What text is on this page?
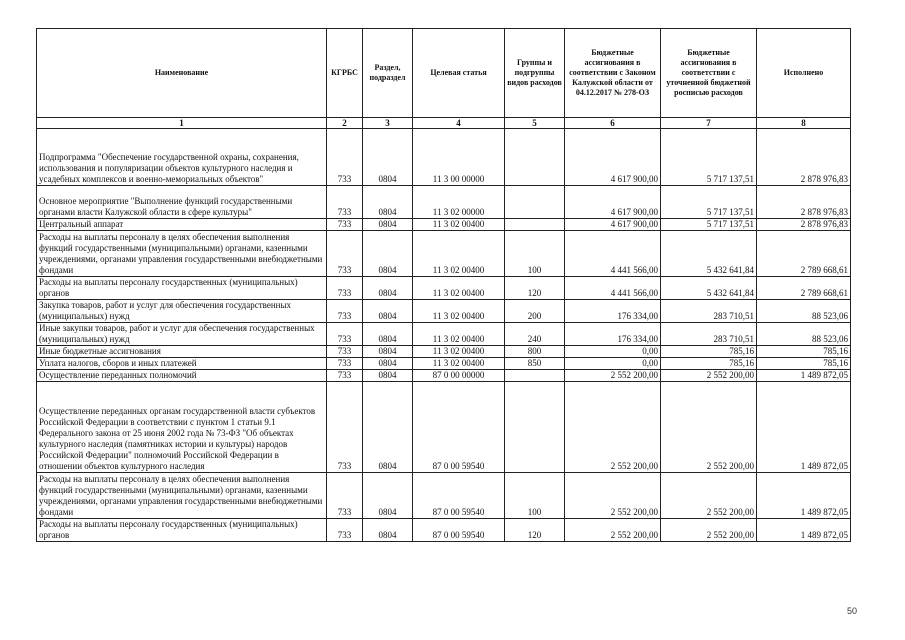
Наименование	КГРБС	Раздел, подраздел	Целевая статья	Группы и подгруппы видов расходов	Бюджетные ассигнования в соответствии с Законом Калужской области от 04.12.2017 № 278-ОЗ	Бюджетные ассигнования в соответствии с уточненной бюджетной росписью расходов	Исполнено
1	2	3	4	5	6	7	8
Подпрограмма "Обеспечение государственной охраны, сохранения, использования и популяризации объектов культурного наследия и усадебных комплексов и военно-мемориальных объектов"	733	0804	11 3 00 00000		4 617 900,00	5 717 137,51	2 878 976,83
Основное мероприятие "Выполнение функций государственными органами власти Калужской области в сфере культуры"	733	0804	11 3 02 00000		4 617 900,00	5 717 137,51	2 878 976,83
Центральный аппарат	733	0804	11 3 02 00400		4 617 900,00	5 717 137,51	2 878 976,83
Расходы на выплаты персоналу в целях обеспечения выполнения функций государственными (муниципальными) органами, казенными учреждениями, органами управления государственными внебюджетными фондами	733	0804	11 3 02 00400	100	4 441 566,00	5 432 641,84	2 789 668,61
Расходы на выплаты персоналу государственных (муниципальных) органов	733	0804	11 3 02 00400	120	4 441 566,00	5 432 641,84	2 789 668,61
Закупка товаров, работ и услуг для обеспечения государственных (муниципальных) нужд	733	0804	11 3 02 00400	200	176 334,00	283 710,51	88 523,06
Иные закупки товаров, работ и услуг для обеспечения государственных (муниципальных) нужд	733	0804	11 3 02 00400	240	176 334,00	283 710,51	88 523,06
Иные бюджетные ассигнования	733	0804	11 3 02 00400	800	0,00	785,16	785,16
Уплата налогов, сборов и иных платежей	733	0804	11 3 02 00400	850	0,00	785,16	785,16
Осуществление переданных полномочий	733	0804	87 0 00 00000		2 552 200,00	2 552 200,00	1 489 872,05
Осуществление переданных органам государственной власти субъектов Российской Федерации в соответствии с пунктом 1 статьи 9.1 Федерального закона от 25 июня 2002 года № 73-ФЗ "Об объектах культурного наследия (памятниках истории и культуры) народов Российской Федерации" полномочий Российской Федерации в отношении объектов культурного наследия	733	0804	87 0 00 59540		2 552 200,00	2 552 200,00	1 489 872,05
Расходы на выплаты персоналу в целях обеспечения выполнения функций государственными (муниципальными) органами, казенными учреждениями, органами управления государственными внебюджетными фондами	733	0804	87 0 00 59540	100	2 552 200,00	2 552 200,00	1 489 872,05
Расходы на выплаты персоналу государственных (муниципальных) органов	733	0804	87 0 00 59540	120	2 552 200,00	2 552 200,00	1 489 872,05
50
